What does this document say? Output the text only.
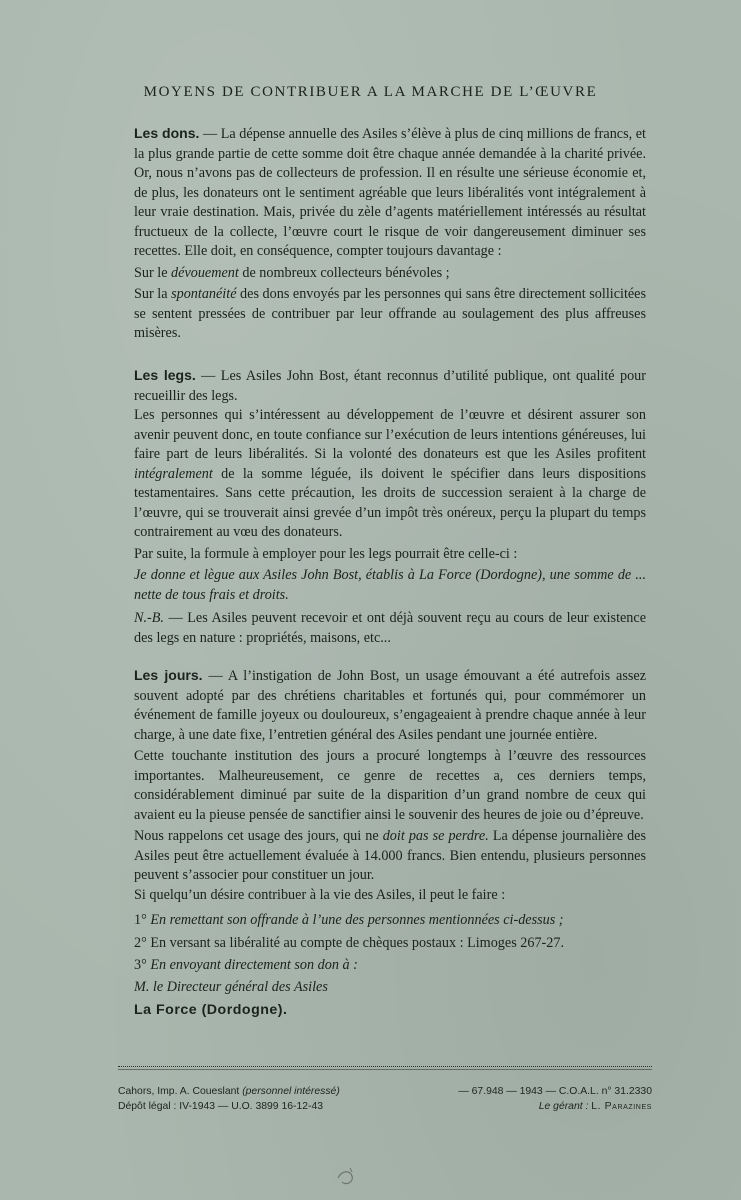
MOYENS DE CONTRIBUER A LA MARCHE DE L’ŒUVRE

Les dons. — La dépense annuelle des Asiles s’élève à plus de cinq millions de francs, et la plus grande partie de cette somme doit être chaque année demandée à la charité privée. Or, nous n’avons pas de collecteurs de profession. Il en résulte une sérieuse économie et, de plus, les donateurs ont le sentiment agréable que leurs libéralités vont intégralement à leur vraie destination. Mais, privée du zèle d’agents matériellement intéressés au résultat fructueux de la collecte, l’œuvre court le risque de voir dangereusement diminuer ses recettes. Elle doit, en conséquence, compter toujours davantage :

Sur le dévouement de nombreux collecteurs bénévoles ;

Sur la spontanéité des dons envoyés par les personnes qui sans être directement sollicitées se sentent pressées de contribuer par leur offrande au soulagement des plus affreuses misères.

Les legs. — Les Asiles John Bost, étant reconnus d’utilité publique, ont qualité pour recueillir des legs.

Les personnes qui s’intéressent au développement de l’œuvre et désirent assurer son avenir peuvent donc, en toute confiance sur l’exécution de leurs intentions généreuses, lui faire part de leurs libéralités. Si la volonté des donateurs est que les Asiles profitent intégralement de la somme léguée, ils doivent le spécifier dans leurs dispositions testamentaires. Sans cette précaution, les droits de succession seraient à la charge de l’œuvre, qui se trouverait ainsi grevée d’un impôt très onéreux, perçu la plupart du temps contrairement au vœu des donateurs.

Par suite, la formule à employer pour les legs pourrait être celle-ci :

Je donne et lègue aux Asiles John Bost, établis à La Force (Dordogne), une somme de ... nette de tous frais et droits.

N.-B. — Les Asiles peuvent recevoir et ont déjà souvent reçu au cours de leur existence des legs en nature : propriétés, maisons, etc...

Les jours. — A l’instigation de John Bost, un usage émouvant a été autrefois assez souvent adopté par des chrétiens charitables et fortunés qui, pour commémorer un événement de famille joyeux ou douloureux, s’engageaient à prendre chaque année à leur charge, à une date fixe, l’entretien général des Asiles pendant une journée entière.

Cette touchante institution des jours a procuré longtemps à l’œuvre des ressources importantes. Malheureusement, ce genre de recettes a, ces derniers temps, considérablement diminué par suite de la disparition d’un grand nombre de ceux qui avaient eu la pieuse pensée de sanctifier ainsi le souvenir des heures de joie ou d’épreuve.

Nous rappelons cet usage des jours, qui ne doit pas se perdre. La dépense journalière des Asiles peut être actuellement évaluée à 14.000 francs. Bien entendu, plusieurs personnes peuvent s’associer pour constituer un jour.

Si quelqu’un désire contribuer à la vie des Asiles, il peut le faire :

1° En remettant son offrande à l’une des personnes mentionnées ci-dessus ;

2° En versant sa libéralité au compte de chèques postaux : Limoges 267-27.

3° En envoyant directement son don à :

M. le Directeur général des Asiles

La Force (Dordogne).

Cahors, Imp. A. Coueslant (personnel intéressé)	— 67.948 — 1943 — C.O.A.L. n° 31.2330
Dépôt légal : IV-1943 — U.O. 3899 16-12-43	Le gérant : L. Parazines
